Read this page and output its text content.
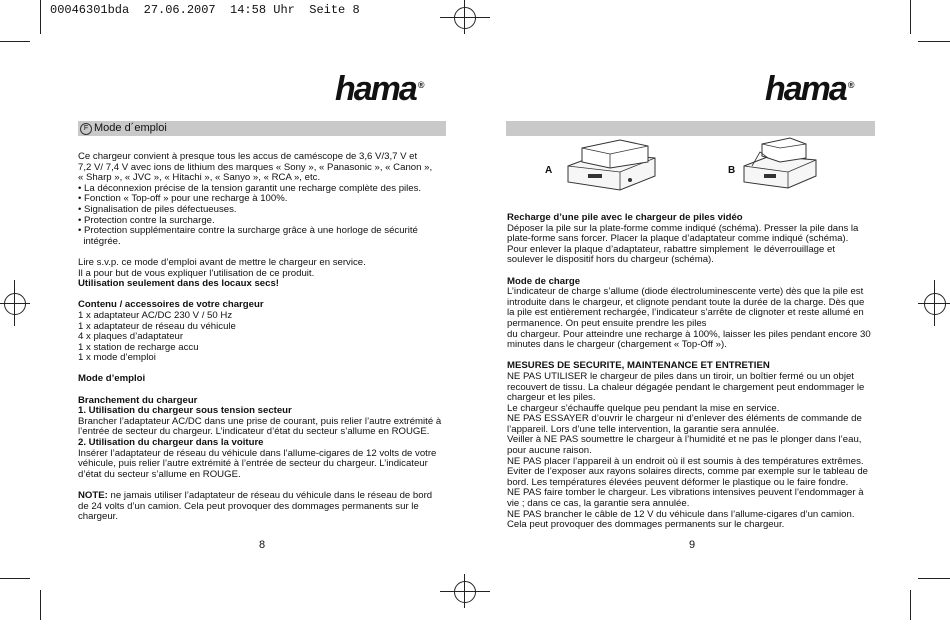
00046301bda  27.06.2007  14:58 Uhr  Seite 8
hama ®	hama ®
F Mode d´emploi

Ce chargeur convient à presque tous les accus de caméscope de 3,6 V/3,7 V et

7,2 V/ 7,4 V avec ions de lithium des marques « Sony », « Panasonic », « Canon »,

« Sharp », « JVC », « Hitachi », « Sanyo », « RCA », etc.

• La déconnexion précise de la tension garantit une recharge complète des piles.

• Fonction « Top-off » pour une recharge à 100%.

• Signalisation de piles défectueuses.

• Protection contre la surcharge.

• Protection supplémentaire contre la surcharge grâce à une horloge de sécurité

intégrée.

Lire s.v.p. ce mode d’emploi avant de mettre le chargeur en service.

Il a pour but de vous expliquer l’utilisation de ce produit.

Utilisation seulement dans des locaux secs!

Contenu / accessoires de votre chargeur

1 x adaptateur AC/DC 230 V / 50 Hz

1 x adaptateur de réseau du véhicule

4 x plaques d’adaptateur

1 x station de recharge accu

1 x mode d’emploi

Mode d’emploi

Branchement du chargeur

1. Utilisation du chargeur sous tension secteur

Brancher l’adaptateur AC/DC dans une prise de courant, puis relier l’autre extrémité à

l’entrée de secteur du chargeur. L’indicateur d’état du secteur s’allume en ROUGE.

2. Utilisation du chargeur dans la voiture

Insérer l’adaptateur de réseau du véhicule dans l’allume-cigares de 12 volts de votre

véhicule, puis relier l’autre extrémité à l’entrée de secteur du chargeur. L’indicateur

d’état du secteur s’allume en ROUGE.

NOTE: ne jamais utiliser l’adaptateur de réseau du véhicule dans le réseau de bord

de 24 volts d’un camion. Cela peut provoquer des dommages permanents sur le

chargeur.

8
A	B

Recharge d’une pile avec le chargeur de piles vidéo

Déposer la pile sur la plate-forme comme indiqué (schéma). Presser la pile dans la

plate-forme sans forcer. Placer la plaque d’adaptateur comme indiqué (schéma).

Pour enlever la plaque d’adaptateur, rabattre simplement  le déverrouillage et

soulever le dispositif hors du chargeur (schéma).

Mode de charge

L’indicateur de charge s’allume (diode électroluminescente verte) dès que la pile est

introduite dans le chargeur, et clignote pendant toute la durée de la charge. Dès que

la pile est entièrement rechargée, l’indicateur s’arrête de clignoter et reste allumé en

permanence. On peut ensuite prendre les piles

du chargeur. Pour atteindre une recharge à 100%, laisser les piles pendant encore 30

minutes dans le chargeur (chargement « Top-Off »).

MESURES DE SECURITE, MAINTENANCE ET ENTRETIEN

NE PAS UTILISER le chargeur de piles dans un tiroir, un boîtier fermé ou un objet

recouvert de tissu. La chaleur dégagée pendant le chargement peut endommager le

chargeur et les piles.

Le chargeur s’échauffe quelque peu pendant la mise en service.

NE PAS ESSAYER d’ouvrir le chargeur ni d’enlever des éléments de commande de

l’appareil. Lors d’une telle intervention, la garantie sera annulée.

Veiller à NE PAS soumettre le chargeur à l’humidité et ne pas le plonger dans l’eau,

pour aucune raison.

NE PAS placer l’appareil à un endroit où il est soumis à des températures extrêmes.

Eviter de l’exposer aux rayons solaires directs, comme par exemple sur le tableau de

bord. Les températures élevées peuvent déformer le plastique ou le faire fondre.

NE PAS faire tomber le chargeur. Les vibrations intensives peuvent l’endommager à

vie ; dans ce cas, la garantie sera annulée.

NE PAS brancher le câble de 12 V du véhicule dans l’allume-cigares d’un camion.

Cela peut provoquer des dommages permanents sur le chargeur.

9
